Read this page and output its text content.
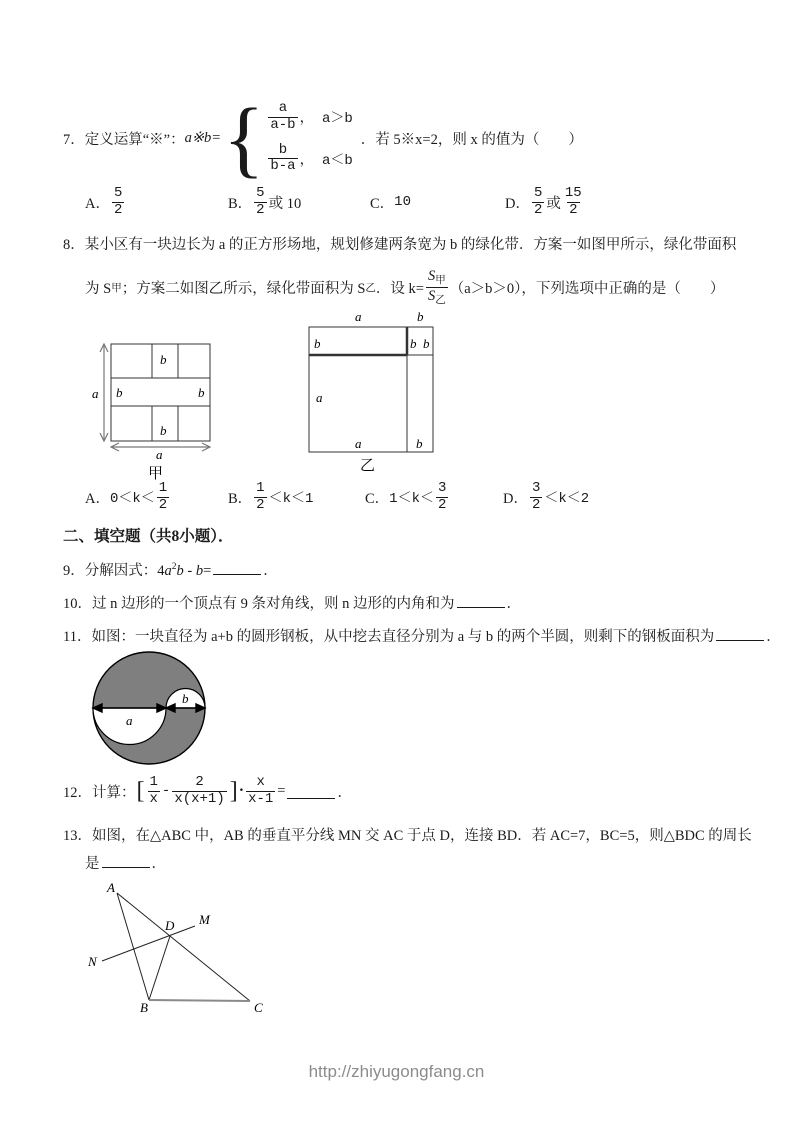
7． 定义运算“※”： a※b= { $\frac{a}{a-b}$ ， a＞b
$\frac{b}{b-a}$ ， a＜b
．若 5※x=2，则 x 的值为（　　）
A． $\frac{5}{2}$	B． $\frac{5}{2}$ 或 10	C． 10	D． $\frac{5}{2}$ 或 $\frac{15}{2}$
8．某小区有一块边长为 a 的正方形场地，规划修建两条宽为 b 的绿化带．方案一如图甲所示，绿化带面积
为 S 甲 ；方案二如图乙所示，绿化带面积为 S 乙 ．设 $k= \frac{S_甲}{S_乙} (a>b>0)$，下列选项中正确的是（　　）
a
a
b
b	b
b
甲
a	b
b	b b
a
a	b
乙
A． $0<k< \frac{1}{2}$	B． $\frac{1}{2} <k<1$	C． $1<k< \frac{3}{2}$	D． $\frac{3}{2} <k<2$
二、填空题（共8小题）．
9．分解因式：$4a^2b - b=$	．
10．过 n 边形的一个顶点有 9 条对角线，则 n 边形的内角和为	．
11．如图：一块直径为 a+b 的圆形钢板，从中挖去直径分别为 a 与 b 的两个半圆，则剩下的钢板面积为	．
a
b
12． 计算： [ $\frac{1}{x} - \frac{2}{x(x+1)}$ ] · $\frac{x}{x-1}$ =	．
13．如图，在△ABC 中，AB 的垂直平分线 MN 交 AC 于点 D，连接 BD．若 AC=7，BC=5，则△BDC 的周长
是	．
A
B	C
D M
N
http://zhiyugongfang.cn
